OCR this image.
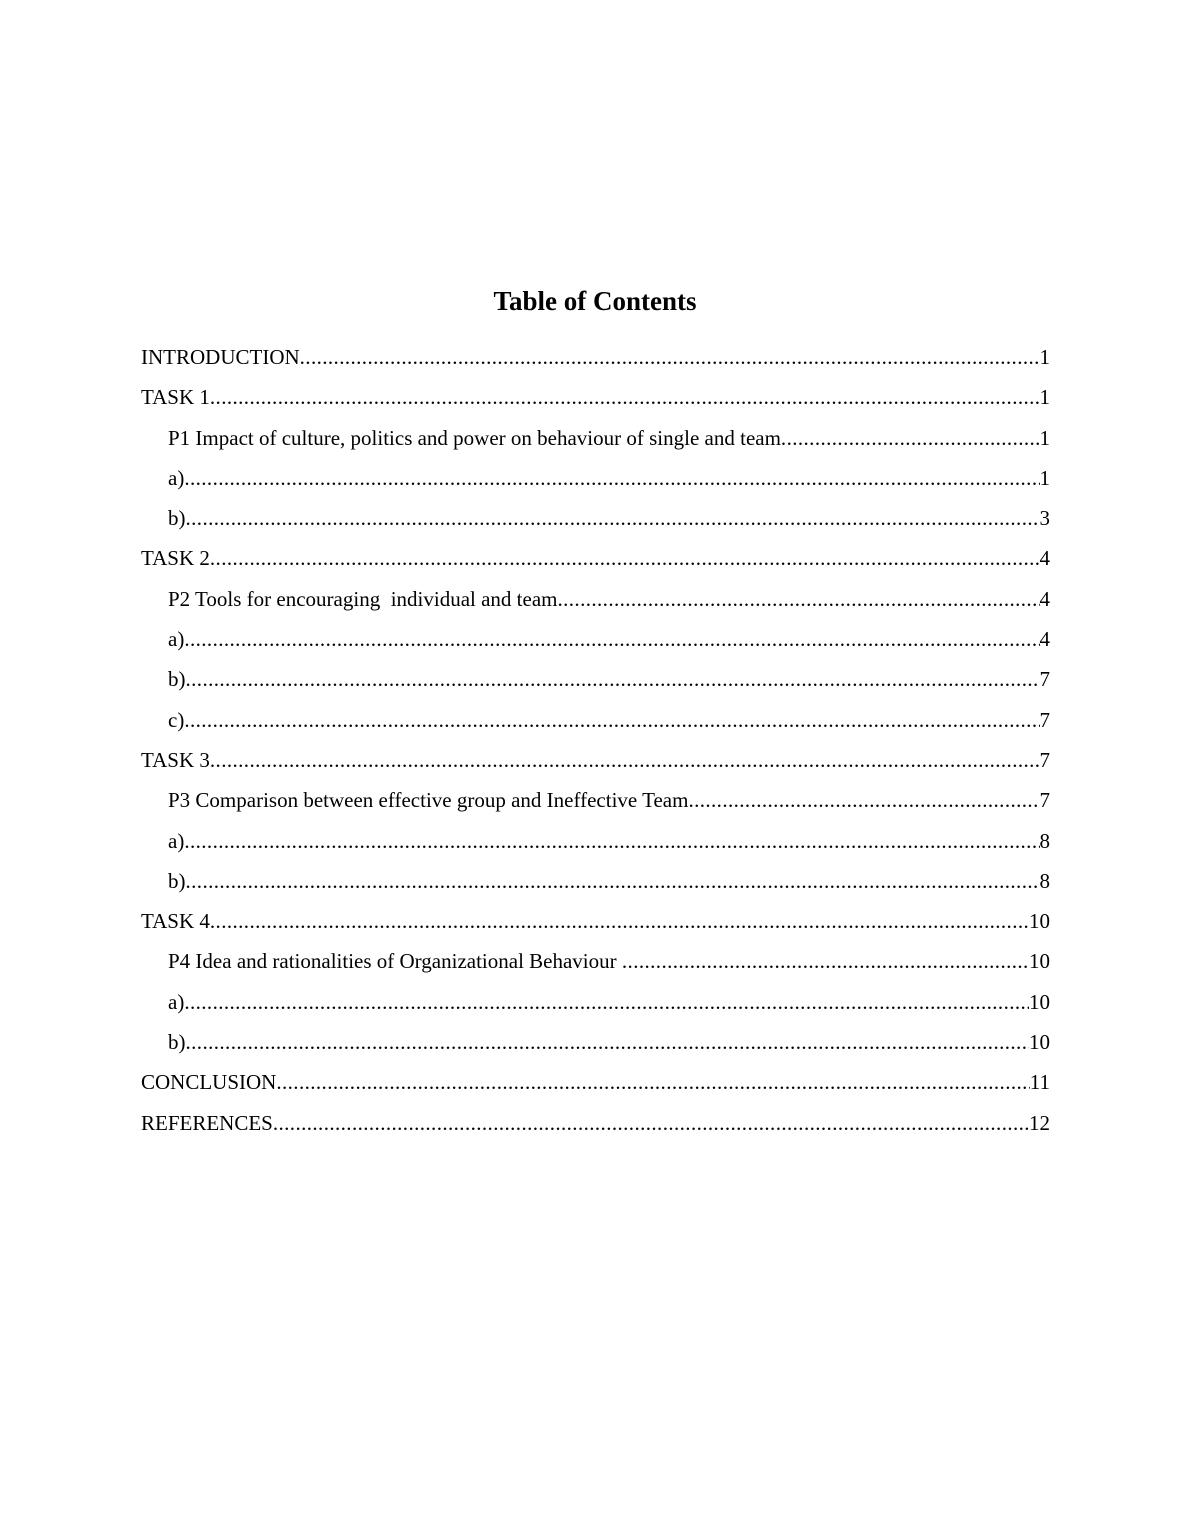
Table of Contents
INTRODUCTION .....	1
TASK 1 .....	1
P1 Impact of culture, politics and power on behaviour of single and team .....	1
a) .....	1
b) .....	3
TASK 2 .....	4
P2 Tools for encouraging  individual and team .....	4
a) .....	4
b) .....	7
c) .....	7
TASK 3 .....	7
P3 Comparison between effective group and Ineffective Team .....	7
a) .....	8
b) .....	8
TASK 4 .....	10
P4 Idea and rationalities of Organizational Behaviour .....	10
a) .....	10
b) .....	10
CONCLUSION .....	11
REFERENCES .....	12
